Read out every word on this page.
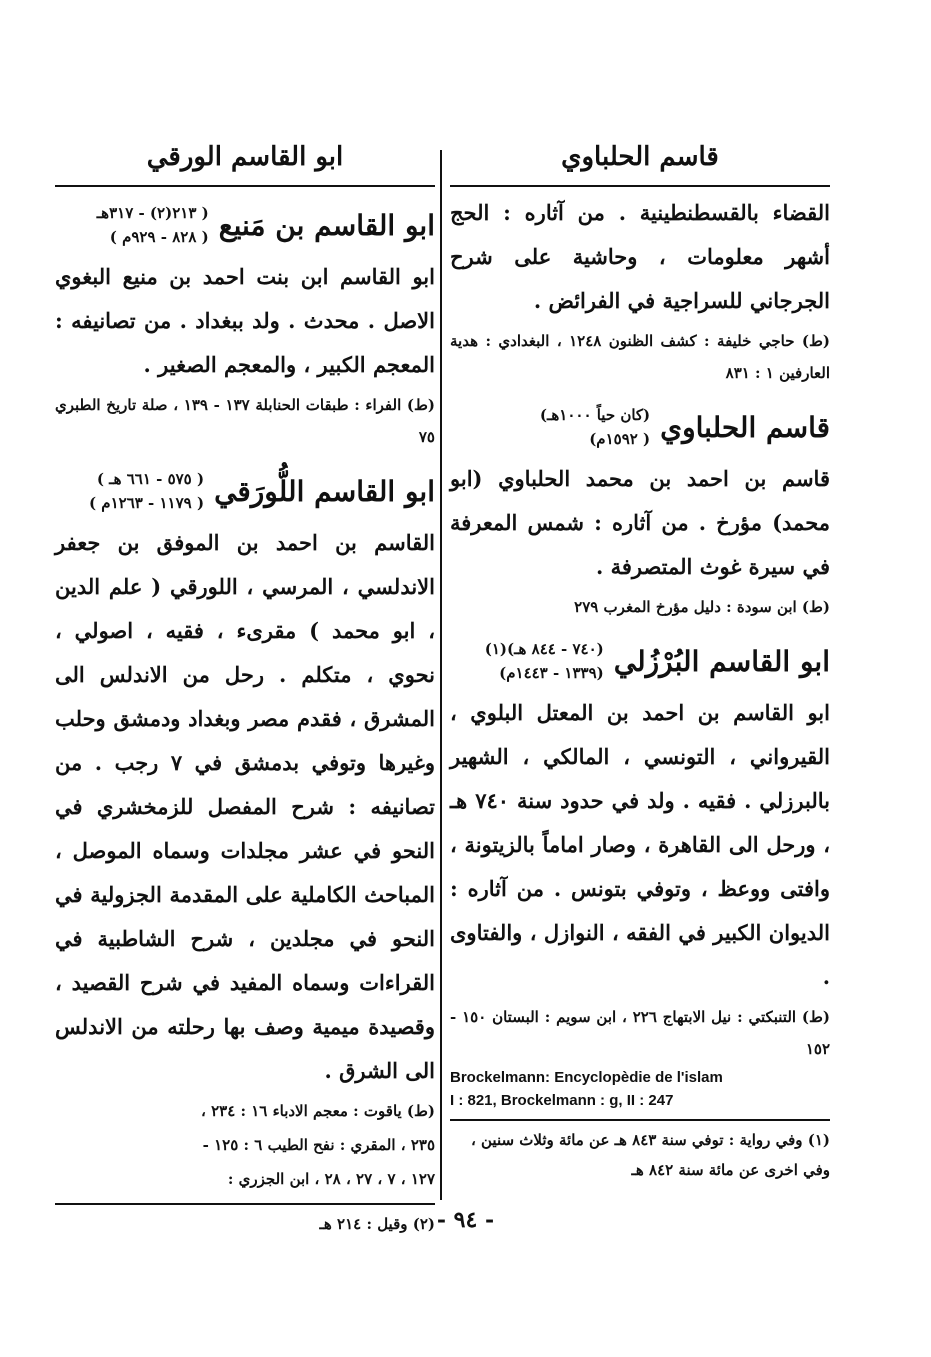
قاسم الحلباوي

القضاء بالقسطنطينية . من آثاره : الحج أشهر معلومات ، وحاشية على شرح الجرجاني للسراجية في الفرائض .

(ط) حاجي خليفة : كشف الظنون ١٢٤٨ ، البغدادي : هدية العارفين ١ : ٨٣١

قاسم الحلباوي
(كان حياً ١٠٠٠هـ)
( ١٥٩٢م)

قاسم بن احمد بن محمد الحلباوي (ابو محمد) مؤرخ . من آثاره : شمس المعرفة في سيرة غوث المتصرفة .

(ط) ابن سودة : دليل مؤرخ المغرب ٢٧٩

ابو القاسم البُرْزُلي
(٧٤٠ - ٨٤٤ هـ)(١)
(١٣٣٩ - ١٤٤٣م)

ابو القاسم بن احمد بن المعتل البلوي ، القيرواني ، التونسي ، المالكي ، الشهير بالبرزلي . فقيه . ولد في حدود سنة ٧٤٠ هـ ، ورحل الى القاهرة ، وصار اماماً بالزيتونة ، وافتى ووعظ ، وتوفي بتونس . من آثاره : الديوان الكبير في الفقه ، النوازل ، والفتاوى .

(ط) التنبكتي : نيل الابتهاج ٢٢٦ ، ابن سويم : البستان ١٥٠ - ١٥٢

Brockelmann: Encyclopèdie de l'islam

I : 821, Brockelmann : g, II : 247

(١) وفي رواية : توفي سنة ٨٤٣ هـ عن مائة وثلاث سنين ، وفي اخرى عن مائة سنة ٨٤٢ هـ

ابو القاسم الورقي
ابو القاسم بن مَنيع
( ٢١٣(٢) - ٣١٧هـ
( ٨٢٨ - ٩٢٩م )

ابو القاسم ابن بنت احمد بن منيع البغوي الاصل . محدث . ولد ببغداد . من تصانيفه : المعجم الكبير ، والمعجم الصغير .

(ط) الفراء : طبقات الحنابلة ١٣٧ - ١٣٩ ، صلة تاريخ الطبري ٧٥

ابو القاسم اللُّورَقي
( ٥٧٥ - ٦٦١ هـ )
( ١١٧٩ - ١٢٦٣م )

القاسم بن احمد بن الموفق بن جعفر الاندلسي ، المرسي ، اللورقي ( علم الدين ، ابو محمد ) مقرىء ، فقيه ، اصولي ، نحوي ، متكلم . رحل من الاندلس الى المشرق ، فقدم مصر وبغداد ودمشق وحلب وغيرها وتوفي بدمشق في ٧ رجب . من تصانيفه : شرح المفصل للزمخشري في النحو في عشر مجلدات وسماه الموصل ، المباحث الكاملية على المقدمة الجزولية في النحو في مجلدين ، شرح الشاطبية في القراءات وسماه المفيد في شرح القصيد ، وقصيدة ميمية وصف بها رحلته من الاندلس الى الشرق .

(ط) ياقوت : معجم الادباء ١٦ : ٢٣٤ ،

٢٣٥ ، المقري : نفح الطيب ٦ : ١٢٥ -

١٢٧ ، ٧ ، ٢٧ ، ٢٨ ، ابن الجزري :

(٢) وقيل : ٢١٤ هـ - ٩٤ -
